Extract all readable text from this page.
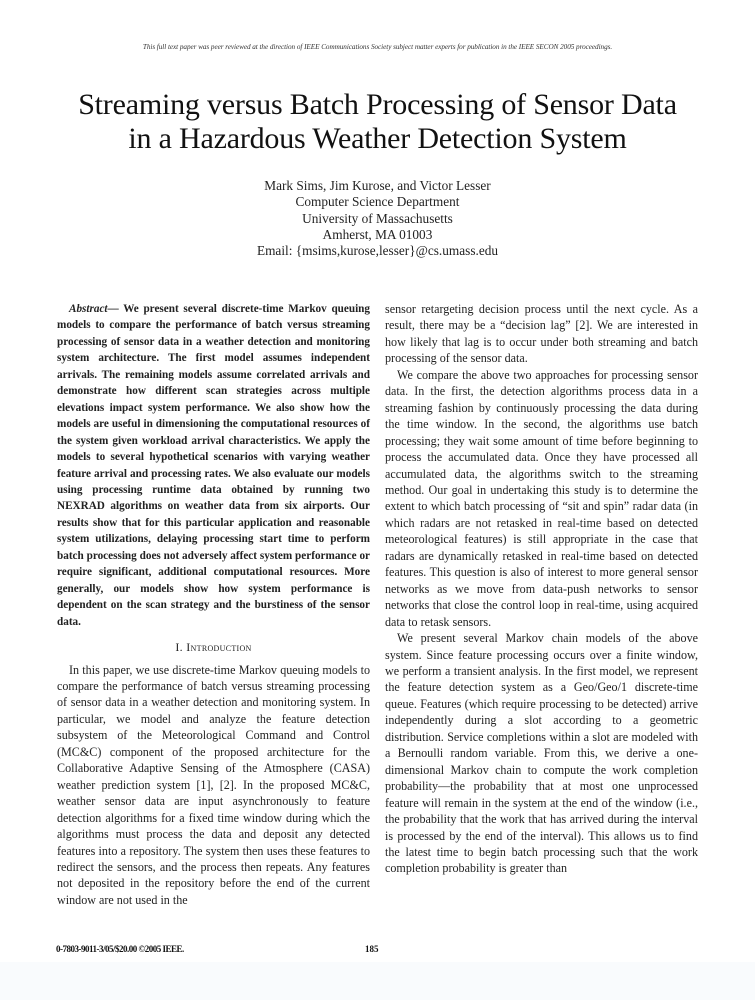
This full text paper was peer reviewed at the direction of IEEE Communications Society subject matter experts for publication in the IEEE SECON 2005 proceedings.
Streaming versus Batch Processing of Sensor Data
in a Hazardous Weather Detection System
Mark Sims, Jim Kurose, and Victor Lesser
Computer Science Department
University of Massachusetts
Amherst, MA 01003
Email: {msims,kurose,lesser}@cs.umass.edu

Abstract— We present several discrete-time Markov queuing models to compare the performance of batch versus streaming processing of sensor data in a weather detection and monitoring system architecture. The first model assumes independent arrivals. The remaining models assume correlated arrivals and demonstrate how different scan strategies across multiple elevations impact system performance. We also show how the models are useful in dimensioning the computational resources of the system given workload arrival characteristics. We apply the models to several hypothetical scenarios with varying weather feature arrival and processing rates. We also evaluate our models using processing runtime data obtained by running two NEXRAD algorithms on weather data from six airports. Our results show that for this particular application and reasonable system utilizations, delaying processing start time to perform batch processing does not adversely affect system performance or require significant, additional computational resources. More generally, our models show how system performance is dependent on the scan strategy and the burstiness of the sensor data.

I. Introduction

In this paper, we use discrete-time Markov queuing models to compare the performance of batch versus streaming processing of sensor data in a weather detection and monitoring system. In particular, we model and analyze the feature detection subsystem of the Meteorological Command and Control (MC&C) component of the proposed architecture for the Collaborative Adaptive Sensing of the Atmosphere (CASA) weather prediction system [1], [2]. In the proposed MC&C, weather sensor data are input asynchronously to feature detection algorithms for a fixed time window during which the algorithms must process the data and deposit any detected features into a repository. The system then uses these features to redirect the sensors, and the process then repeats. Any features not deposited in the repository before the end of the current window are not used in the

sensor retargeting decision process until the next cycle. As a result, there may be a “decision lag” [2]. We are interested in how likely that lag is to occur under both streaming and batch processing of the sensor data.

We compare the above two approaches for processing sensor data. In the first, the detection algorithms process data in a streaming fashion by continuously processing the data during the time window. In the second, the algorithms use batch processing; they wait some amount of time before beginning to process the accumulated data. Once they have processed all accumulated data, the algorithms switch to the streaming method. Our goal in undertaking this study is to determine the extent to which batch processing of “sit and spin” radar data (in which radars are not retasked in real-time based on detected meteorological features) is still appropriate in the case that radars are dynamically retasked in real-time based on detected features. This question is also of interest to more general sensor networks as we move from data-push networks to sensor networks that close the control loop in real-time, using acquired data to retask sensors.

We present several Markov chain models of the above system. Since feature processing occurs over a finite window, we perform a transient analysis. In the first model, we represent the feature detection system as a Geo/Geo/1 discrete-time queue. Features (which require processing to be detected) arrive independently during a slot according to a geometric distribution. Service completions within a slot are modeled with a Bernoulli random variable. From this, we derive a one-dimensional Markov chain to compute the work completion probability—the probability that at most one unprocessed feature will remain in the system at the end of the window (i.e., the probability that the work that has arrived during the interval is processed by the end of the interval). This allows us to find the latest time to begin batch processing such that the work completion probability is greater than

0-7803-9011-3/05/$20.00 ©2005 IEEE.	185
